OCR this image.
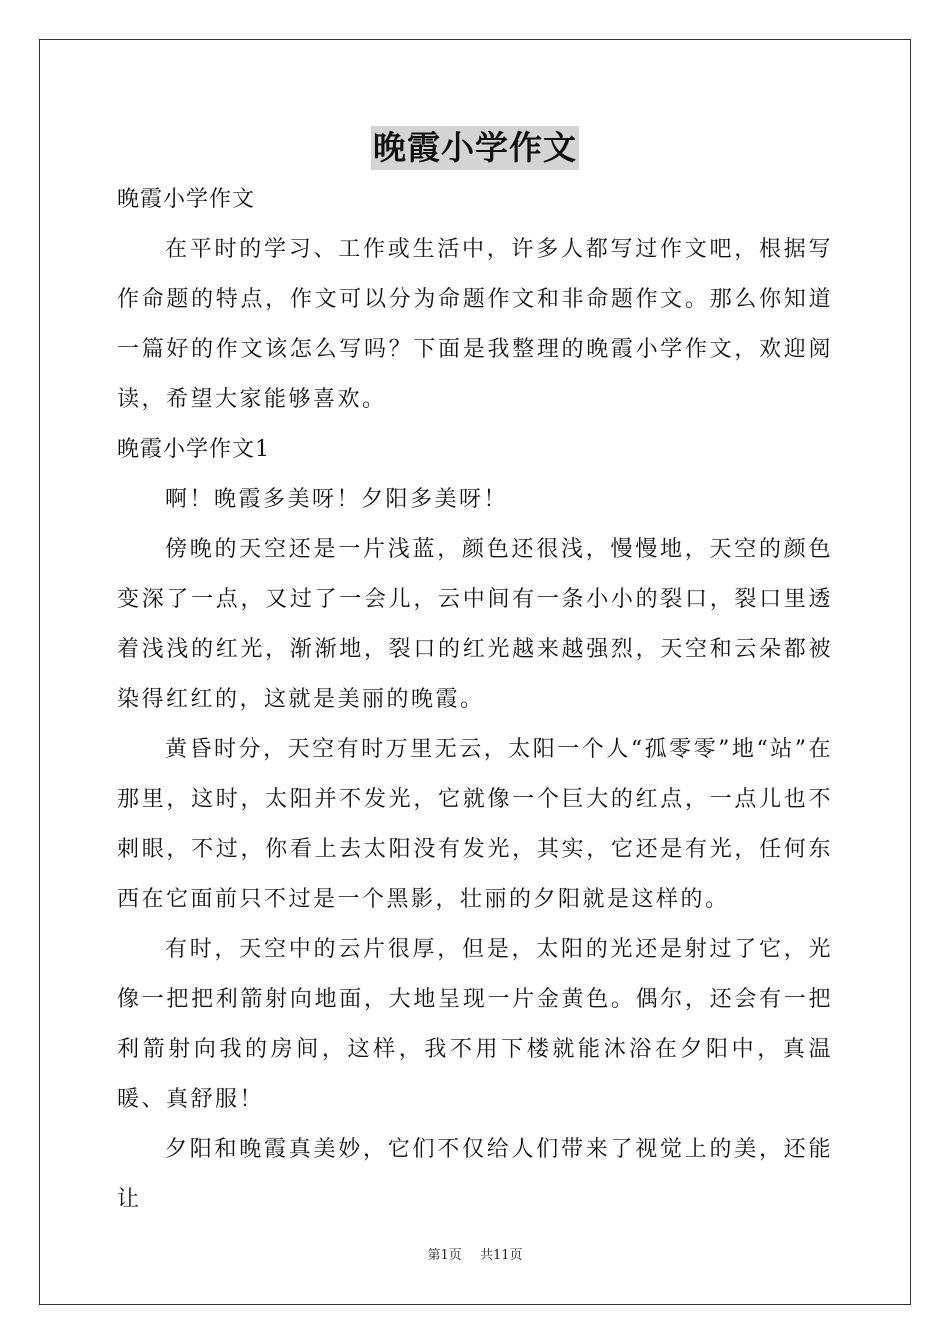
晚霞小学作文

晚霞小学作文

在平时的学习、工作或生活中，许多人都写过作文吧，根据写作命题的特点，作文可以分为命题作文和非命题作文。那么你知道一篇好的作文该怎么写吗？下面是我整理的晚霞小学作文，欢迎阅读，希望大家能够喜欢。

晚霞小学作文1

啊！晚霞多美呀！夕阳多美呀！

傍晚的天空还是一片浅蓝，颜色还很浅，慢慢地，天空的颜色变深了一点，又过了一会儿，云中间有一条小小的裂口，裂口里透着浅浅的红光，渐渐地，裂口的红光越来越强烈，天空和云朵都被染得红红的，这就是美丽的晚霞。

黄昏时分，天空有时万里无云，太阳一个人“孤零零”地“站”在那里，这时，太阳并不发光，它就像一个巨大的红点，一点儿也不刺眼，不过，你看上去太阳没有发光，其实，它还是有光，任何东西在它面前只不过是一个黑影，壮丽的夕阳就是这样的。

有时，天空中的云片很厚，但是，太阳的光还是射过了它，光像一把把利箭射向地面，大地呈现一片金黄色。偶尔，还会有一把利箭射向我的房间，这样，我不用下楼就能沐浴在夕阳中，真温暖、真舒服！

夕阳和晚霞真美妙，它们不仅给人们带来了视觉上的美，还能让

第1页 共11页
